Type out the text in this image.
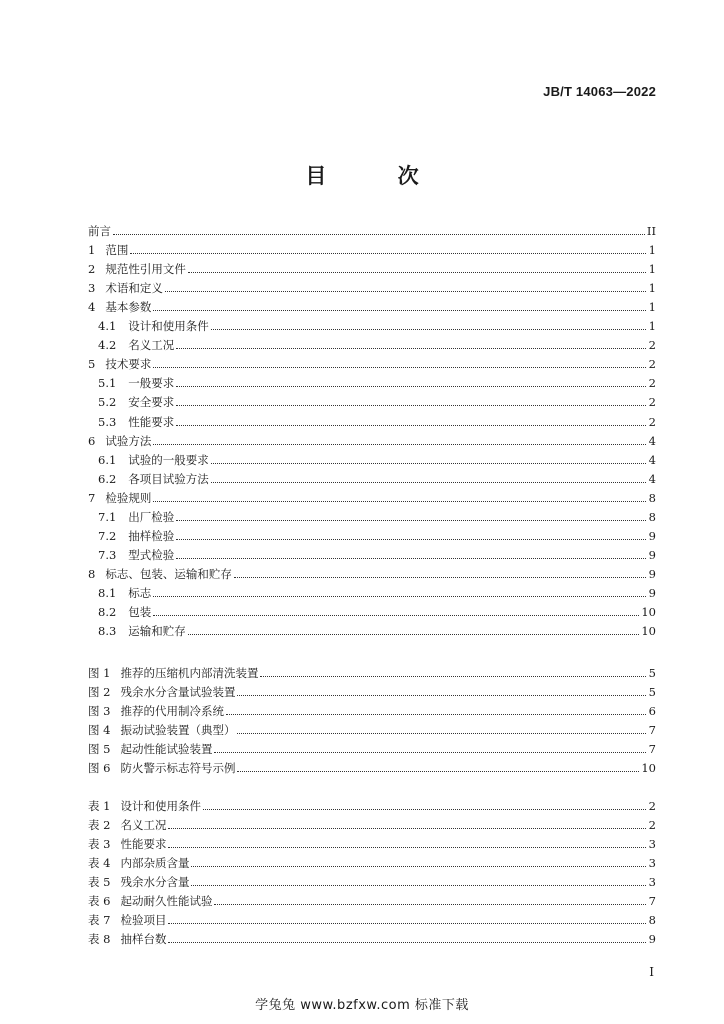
JB/T 14063—2022
目 次
前言	II
1 范围	1
2 规范性引用文件	1
3 术语和定义	1
4 基本参数	1
4.1 设计和使用条件	1
4.2 名义工况	2
5 技术要求	2
5.1 一般要求	2
5.2 安全要求	2
5.3 性能要求	2
6 试验方法	4
6.1 试验的一般要求	4
6.2 各项目试验方法	4
7 检验规则	8
7.1 出厂检验	8
7.2 抽样检验	9
7.3 型式检验	9
8 标志、包装、运输和贮存	9
8.1 标志	9
8.2 包装	10
8.3 运输和贮存	10
图 1 推荐的压缩机内部清洗装置	5
图 2 残余水分含量试验装置	5
图 3 推荐的代用制冷系统	6
图 4 振动试验装置（典型）	7
图 5 起动性能试验装置	7
图 6 防火警示标志符号示例	10
表 1 设计和使用条件	2
表 2 名义工况	2
表 3 性能要求	3
表 4 内部杂质含量	3
表 5 残余水分含量	3
表 6 起动耐久性能试验	7
表 7 检验项目	8
表 8 抽样台数	9
I
学兔兔 www.bzfxw.com 标准下载
